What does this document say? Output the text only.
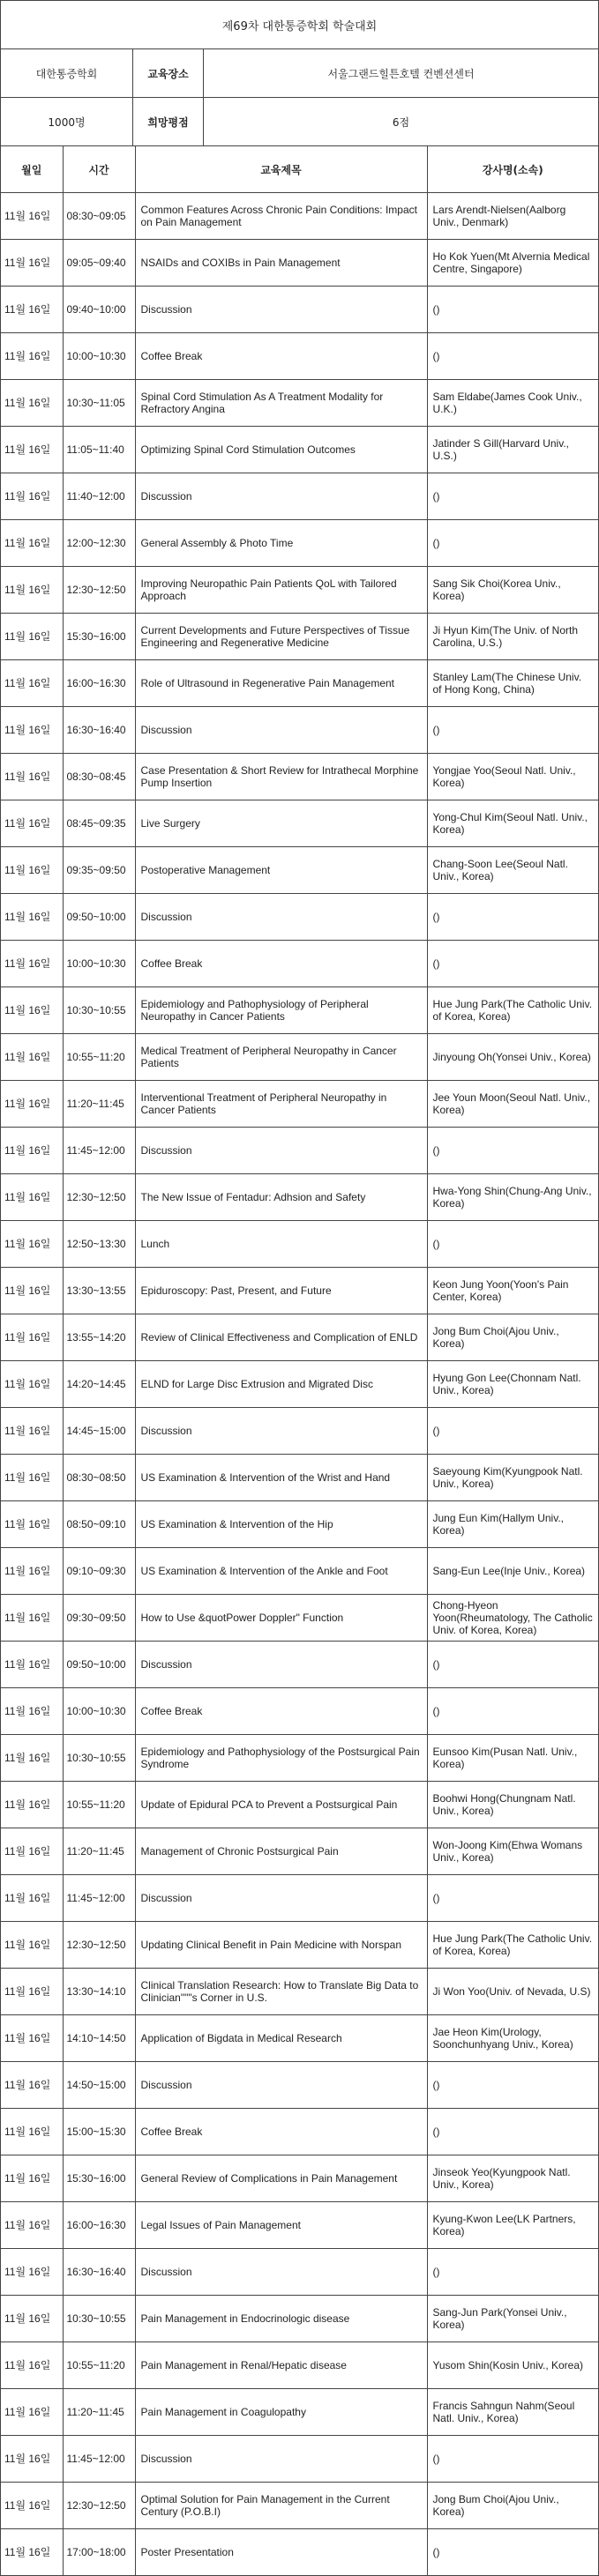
제69차 대한통증학회 학술대회
대한통증학회	교육장소	서울그랜드힐튼호텔 컨벤션센터
1000명	희망평점	6점
월일	시간	교육제목	강사명(소속)
11월 16일	08:30~09:05	Common Features Across Chronic Pain Conditions: Impact on Pain Management	Lars Arendt-Nielsen(Aalborg Univ., Denmark)
11월 16일	09:05~09:40	NSAIDs and COXIBs in Pain Management	Ho Kok Yuen(Mt Alvernia Medical Centre, Singapore)
11월 16일	09:40~10:00	Discussion	()
11월 16일	10:00~10:30	Coffee Break	()
11월 16일	10:30~11:05	Spinal Cord Stimulation As A Treatment Modality for Refractory Angina	Sam Eldabe(James Cook Univ., U.K.)
11월 16일	11:05~11:40	Optimizing Spinal Cord Stimulation Outcomes	Jatinder S Gill(Harvard Univ., U.S.)
11월 16일	11:40~12:00	Discussion	()
11월 16일	12:00~12:30	General Assembly & Photo Time	()
11월 16일	12:30~12:50	Improving Neuropathic Pain Patients QoL with Tailored Approach	Sang Sik Choi(Korea Univ., Korea)
11월 16일	15:30~16:00	Current Developments and Future Perspectives of Tissue Engineering and Regenerative Medicine	Ji Hyun Kim(The Univ. of North Carolina, U.S.)
11월 16일	16:00~16:30	Role of Ultrasound in Regenerative Pain Management	Stanley Lam(The Chinese Univ. of Hong Kong, China)
11월 16일	16:30~16:40	Discussion	()
11월 16일	08:30~08:45	Case Presentation & Short Review for Intrathecal Morphine Pump Insertion	Yongjae Yoo(Seoul Natl. Univ., Korea)
11월 16일	08:45~09:35	Live Surgery	Yong-Chul Kim(Seoul Natl. Univ., Korea)
11월 16일	09:35~09:50	Postoperative Management	Chang-Soon Lee(Seoul Natl. Univ., Korea)
11월 16일	09:50~10:00	Discussion	()
11월 16일	10:00~10:30	Coffee Break	()
11월 16일	10:30~10:55	Epidemiology and Pathophysiology of Peripheral Neuropathy in Cancer Patients	Hue Jung Park(The Catholic Univ. of Korea, Korea)
11월 16일	10:55~11:20	Medical Treatment of Peripheral Neuropathy in Cancer Patients	Jinyoung Oh(Yonsei Univ., Korea)
11월 16일	11:20~11:45	Interventional Treatment of Peripheral Neuropathy in Cancer Patients	Jee Youn Moon(Seoul Natl. Univ., Korea)
11월 16일	11:45~12:00	Discussion	()
11월 16일	12:30~12:50	The New Issue of Fentadur: Adhsion and Safety	Hwa-Yong Shin(Chung-Ang Univ., Korea)
11월 16일	12:50~13:30	Lunch	()
11월 16일	13:30~13:55	Epiduroscopy: Past, Present, and Future	Keon Jung Yoon(Yoon's Pain Center, Korea)
11월 16일	13:55~14:20	Review of Clinical Effectiveness and Complication of ENLD	Jong Bum Choi(Ajou Univ., Korea)
11월 16일	14:20~14:45	ELND for Large Disc Extrusion and Migrated Disc	Hyung Gon Lee(Chonnam Natl. Univ., Korea)
11월 16일	14:45~15:00	Discussion	()
11월 16일	08:30~08:50	US Examination & Intervention of the Wrist and Hand	Saeyoung Kim(Kyungpook Natl. Univ., Korea)
11월 16일	08:50~09:10	US Examination & Intervention of the Hip	Jung Eun Kim(Hallym Univ., Korea)
11월 16일	09:10~09:30	US Examination & Intervention of the Ankle and Foot	Sang-Eun Lee(Inje Univ., Korea)
11월 16일	09:30~09:50	How to Use &quotPower Doppler" Function	Chong-Hyeon Yoon(Rheumatology, The Catholic Univ. of Korea, Korea)
11월 16일	09:50~10:00	Discussion	()
11월 16일	10:00~10:30	Coffee Break	()
11월 16일	10:30~10:55	Epidemiology and Pathophysiology of the Postsurgical Pain Syndrome	Eunsoo Kim(Pusan Natl. Univ., Korea)
11월 16일	10:55~11:20	Update of Epidural PCA to Prevent a Postsurgical Pain	Boohwi Hong(Chungnam Natl. Univ., Korea)
11월 16일	11:20~11:45	Management of Chronic Postsurgical Pain	Won-Joong Kim(Ehwa Womans Univ., Korea)
11월 16일	11:45~12:00	Discussion	()
11월 16일	12:30~12:50	Updating Clinical Benefit in Pain Medicine with Norspan	Hue Jung Park(The Catholic Univ. of Korea, Korea)
11월 16일	13:30~14:10	Clinical Translation Research: How to Translate Big Data to Clinician"""s Corner in U.S.	Ji Won Yoo(Univ. of Nevada, U.S)
11월 16일	14:10~14:50	Application of Bigdata in Medical Research	Jae Heon Kim(Urology, Soonchunhyang Univ., Korea)
11월 16일	14:50~15:00	Discussion	()
11월 16일	15:00~15:30	Coffee Break	()
11월 16일	15:30~16:00	General Review of Complications in Pain Management	Jinseok Yeo(Kyungpook Natl. Univ., Korea)
11월 16일	16:00~16:30	Legal Issues of Pain Management	Kyung-Kwon Lee(LK Partners, Korea)
11월 16일	16:30~16:40	Discussion	()
11월 16일	10:30~10:55	Pain Management in Endocrinologic disease	Sang-Jun Park(Yonsei Univ., Korea)
11월 16일	10:55~11:20	Pain Management in Renal/Hepatic disease	Yusom Shin(Kosin Univ., Korea)
11월 16일	11:20~11:45	Pain Management in Coagulopathy	Francis Sahngun Nahm(Seoul Natl. Univ., Korea)
11월 16일	11:45~12:00	Discussion	()
11월 16일	12:30~12:50	Optimal Solution for Pain Management in the Current Century (P.O.B.I)	Jong Bum Choi(Ajou Univ., Korea)
11월 16일	17:00~18:00	Poster Presentation	()
